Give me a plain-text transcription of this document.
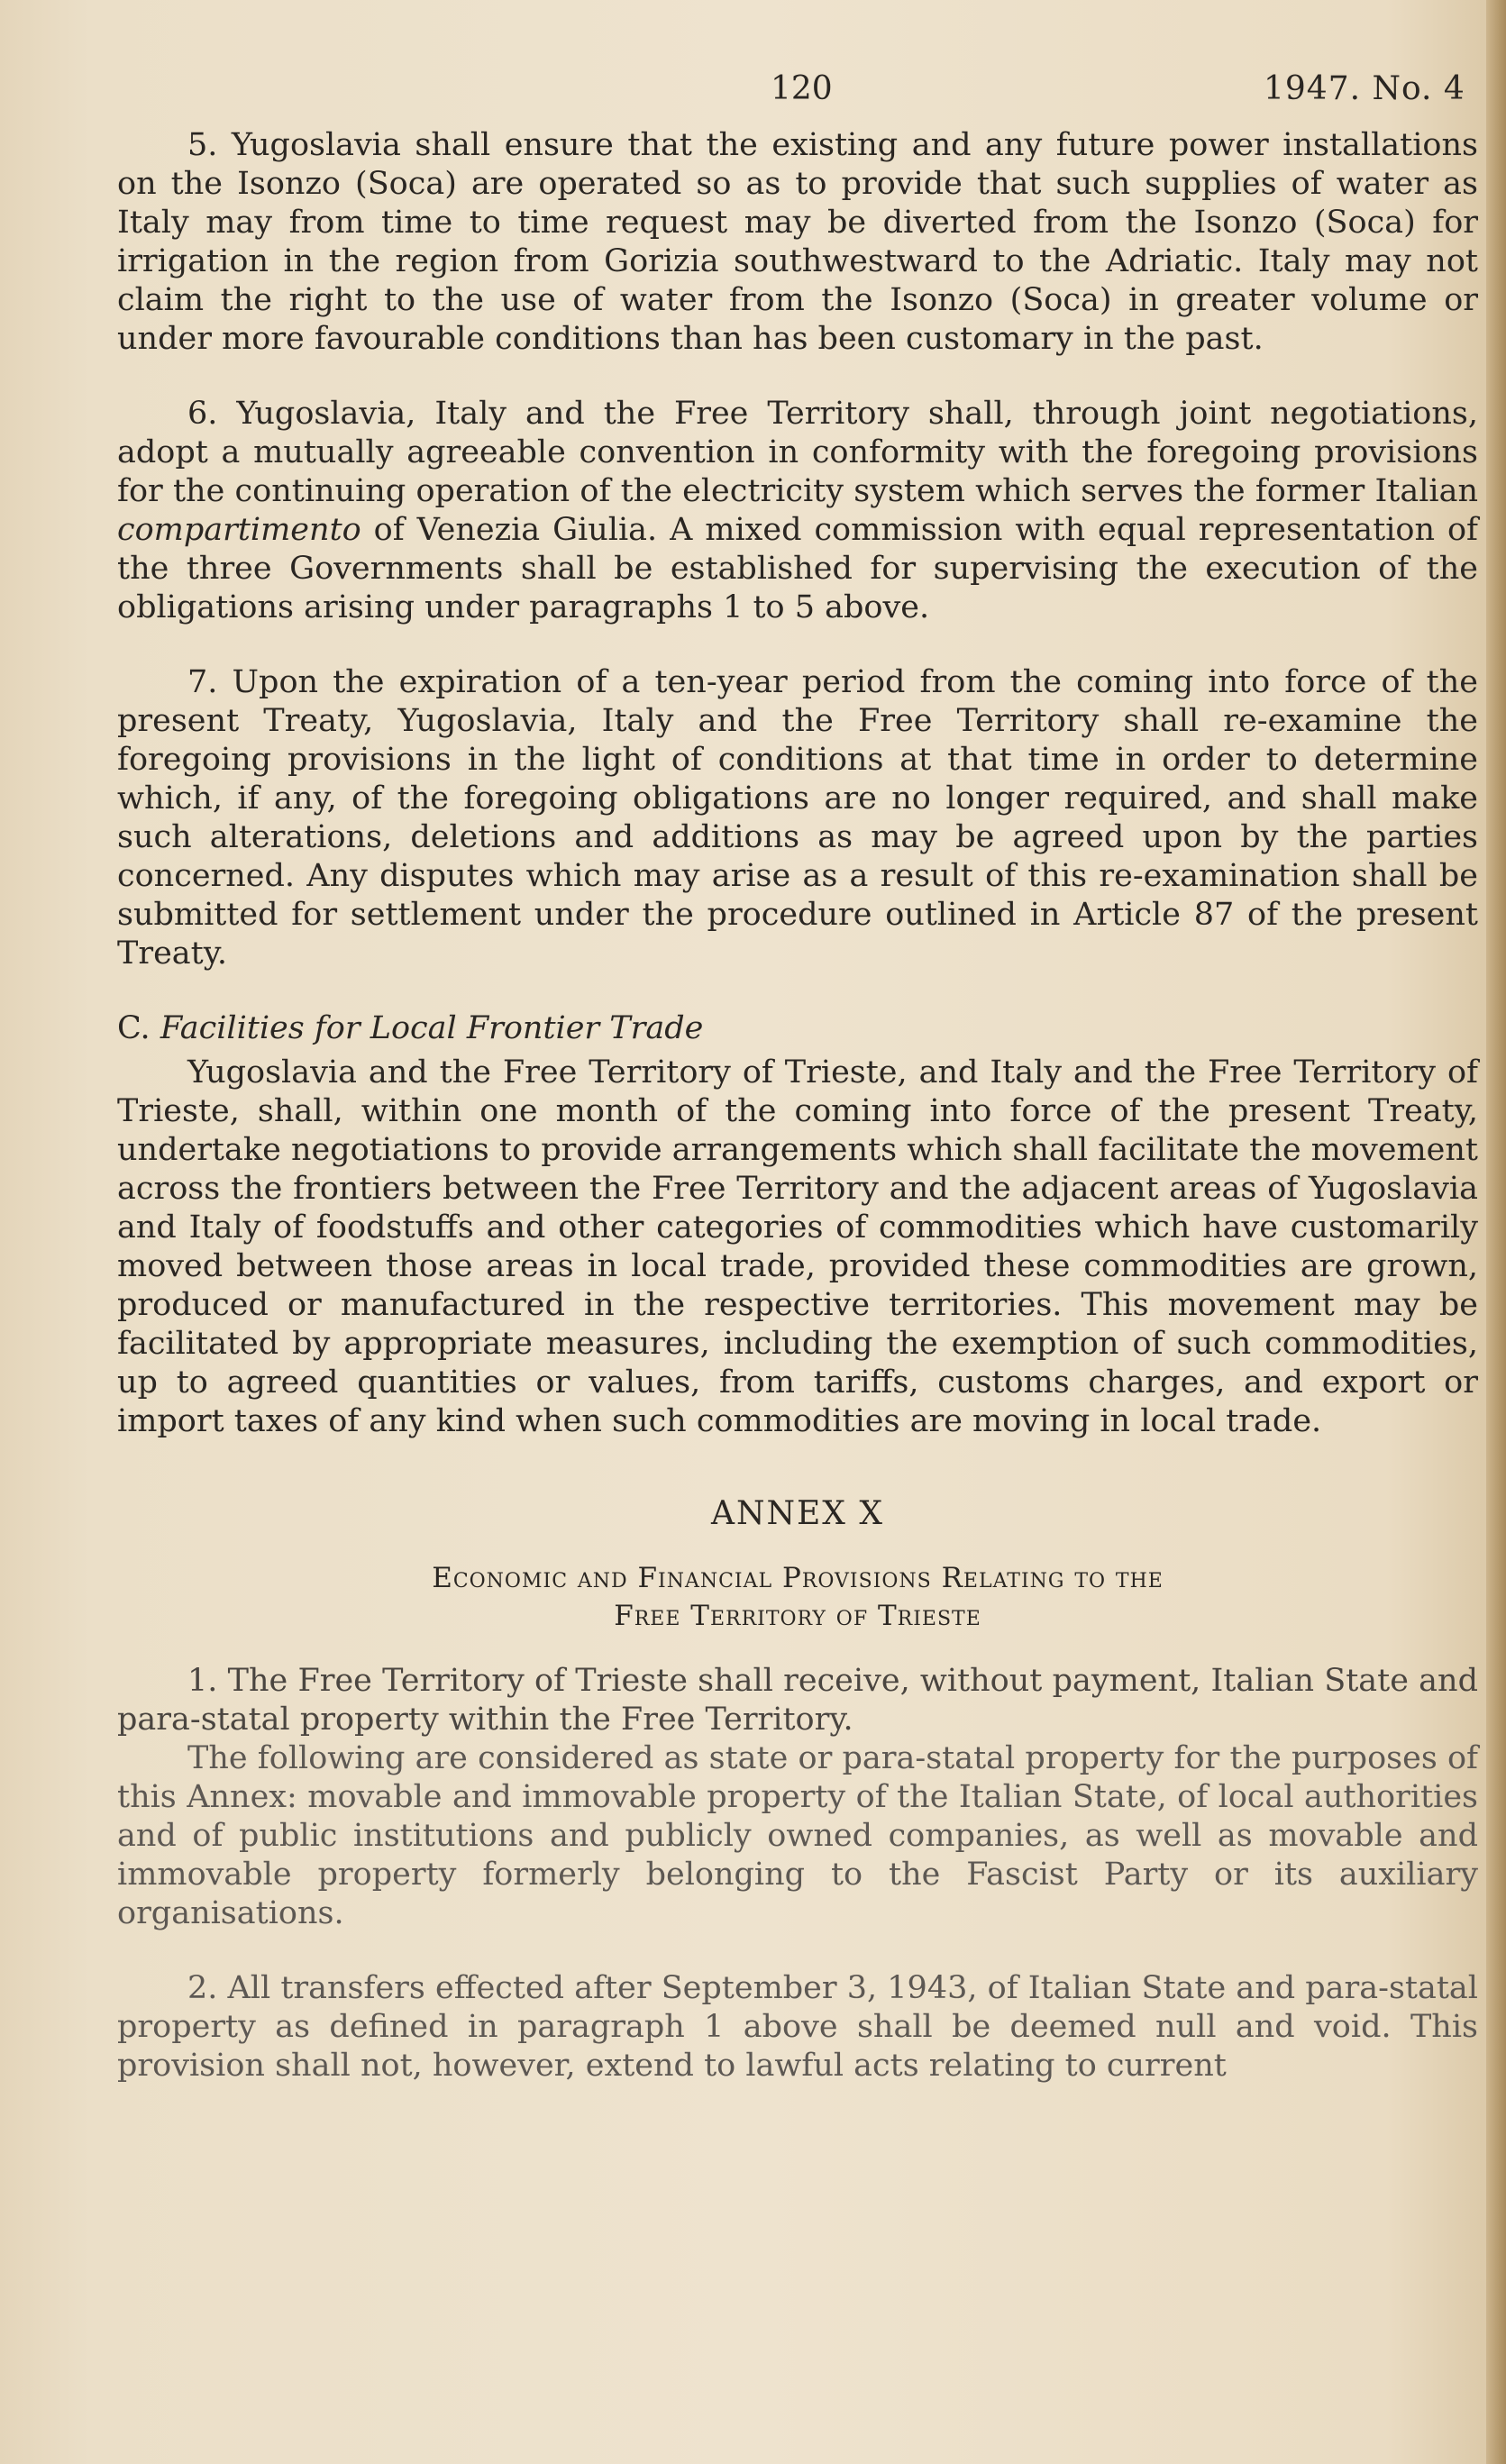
120	1947. No. 4

5. Yugoslavia shall ensure that the existing and any future power installations on the Isonzo (Soca) are operated so as to provide that such supplies of water as Italy may from time to time request may be diverted from the Isonzo (Soca) for irrigation in the region from Gorizia southwestward to the Adriatic. Italy may not claim the right to the use of water from the Isonzo (Soca) in greater volume or under more favourable conditions than has been customary in the past.

6. Yugoslavia, Italy and the Free Territory shall, through joint negotiations, adopt a mutually agreeable convention in conformity with the foregoing provisions for the continuing operation of the electricity system which serves the former Italian compartimento of Venezia Giulia. A mixed commission with equal representation of the three Governments shall be established for supervising the execution of the obligations arising under paragraphs 1 to 5 above.

7. Upon the expiration of a ten-year period from the coming into force of the present Treaty, Yugoslavia, Italy and the Free Territory shall re-examine the foregoing provisions in the light of conditions at that time in order to determine which, if any, of the foregoing obligations are no longer required, and shall make such alterations, deletions and additions as may be agreed upon by the parties concerned. Any disputes which may arise as a result of this re-examination shall be submitted for settlement under the procedure outlined in Article 87 of the present Treaty.

C. Facilities for Local Frontier Trade

Yugoslavia and the Free Territory of Trieste, and Italy and the Free Territory of Trieste, shall, within one month of the coming into force of the present Treaty, undertake negotiations to provide arrangements which shall facilitate the movement across the frontiers between the Free Territory and the adjacent areas of Yugoslavia and Italy of foodstuffs and other categories of commodities which have customarily moved between those areas in local trade, provided these commodities are grown, produced or manufactured in the respective territories. This movement may be facilitated by appropriate measures, including the exemption of such commodities, up to agreed quantities or values, from tariffs, customs charges, and export or import taxes of any kind when such commodities are moving in local trade.

ANNEX X
Economic and Financial Provisions Relating to the
Free Territory of Trieste

1. The Free Territory of Trieste shall receive, without payment, Italian State and para-statal property within the Free Territory.

The following are considered as state or para-statal property for the purposes of this Annex: movable and immovable property of the Italian State, of local authorities and of public institutions and publicly owned companies, as well as movable and immovable property formerly belonging to the Fascist Party or its auxiliary organisations.

2. All transfers effected after September 3, 1943, of Italian State and para-statal property as defined in paragraph 1 above shall be deemed null and void. This provision shall not, however, extend to lawful acts relating to current
